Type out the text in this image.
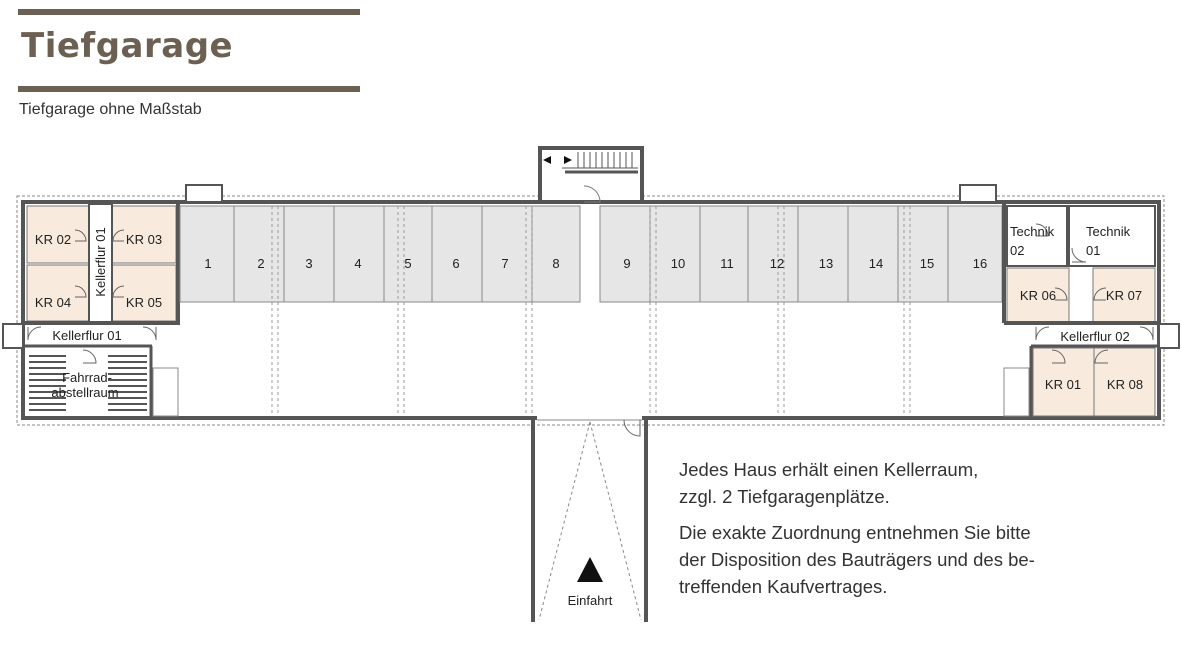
Tiefgarage
Tiefgarage ohne Maßstab
KR 02	KR 03
KR 04	KR 05
Kellerflur 01
Kellerflur 01
Fahrrad-
abstellraum
1	2	3	4	5	6	7	8	9	10	11	12	13	14	15	16
Technik
02
Technik
01
KR 06	KR 07
Kellerflur 02
KR 01 KR 08
Einfahrt

Jedes Haus erhält einen Kellerraum,
zzgl. 2 Tiefgaragenplätze.

Die exakte Zuordnung entnehmen Sie bitte
der Disposition des Bauträgers und des be-
treffenden Kaufvertrages.
